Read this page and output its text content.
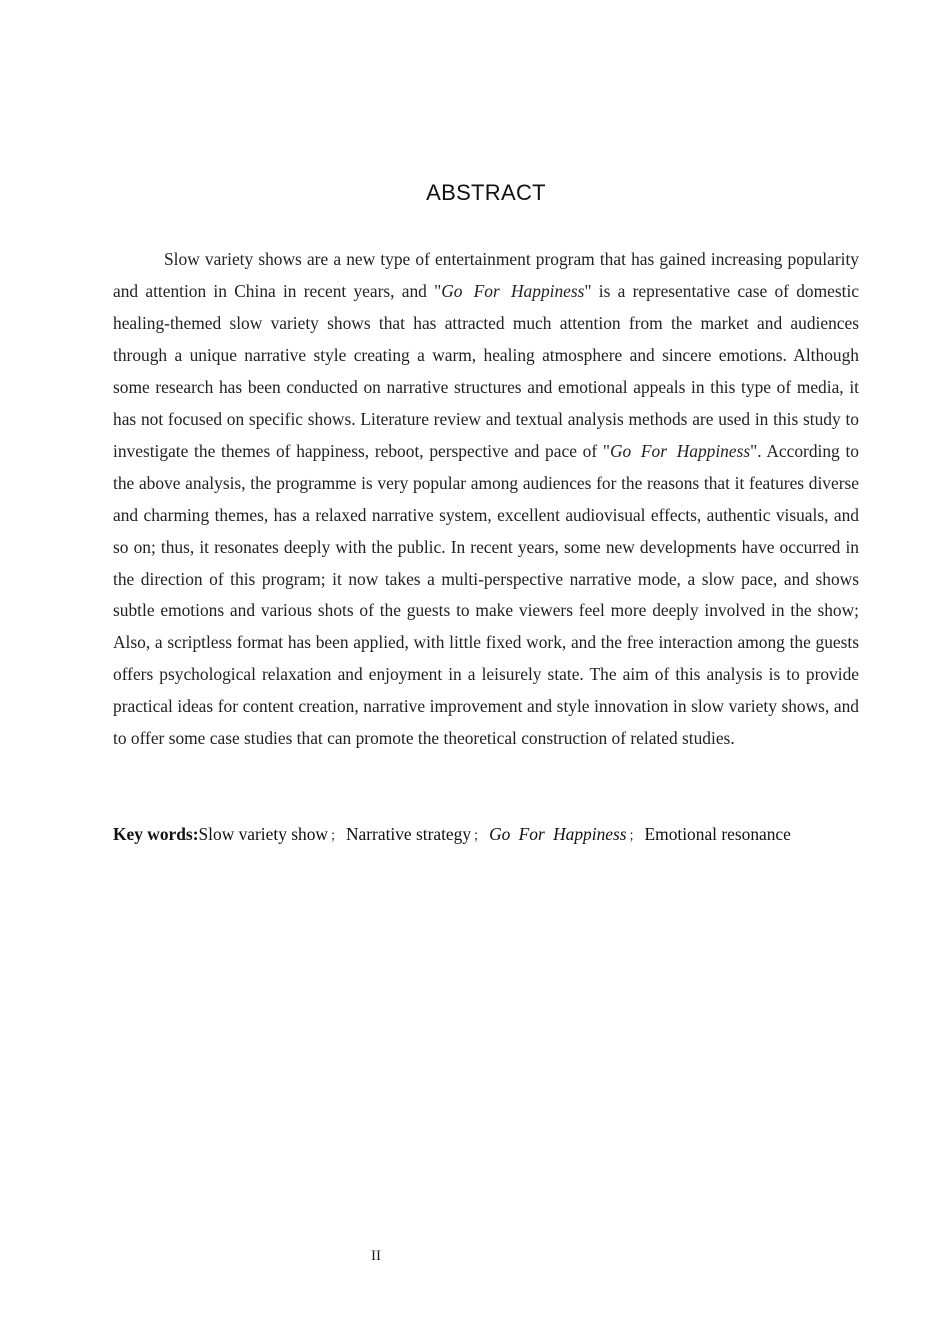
ABSTRACT

Slow variety shows are a new type of entertainment program that has gained increasing popularity and attention in China in recent years, and "Go For Happiness" is a representative case of domestic healing-themed slow variety shows that has attracted much attention from the market and audiences through a unique narrative style creating a warm, healing atmosphere and sincere emotions. Although some research has been conducted on narrative structures and emotional appeals in this type of media, it has not focused on specific shows. Literature review and textual analysis methods are used in this study to investigate the themes of happiness, reboot, perspective and pace of "Go For Happiness". According to the above analysis, the programme is very popular among audiences for the reasons that it features diverse and charming themes, has a relaxed narrative system, excellent audiovisual effects, authentic visuals, and so on; thus, it resonates deeply with the public. In recent years, some new developments have occurred in the direction of this program; it now takes a multi-perspective narrative mode, a slow pace, and shows subtle emotions and various shots of the guests to make viewers feel more deeply involved in the show; Also, a scriptless format has been applied, with little fixed work, and the free interaction among the guests offers psychological relaxation and enjoyment in a leisurely state. The aim of this analysis is to provide practical ideas for content creation, narrative improvement and style innovation in slow variety shows, and to offer some case studies that can promote the theoretical construction of related studies.

Key words:Slow variety show ； Narrative strategy ； Go For Happiness ； Emotional resonance
II
